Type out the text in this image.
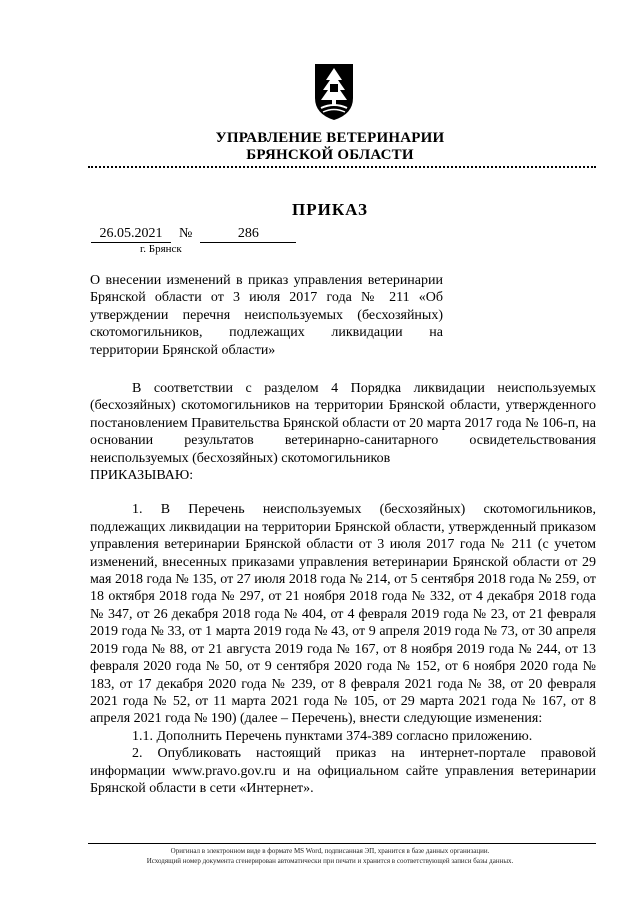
УПРАВЛЕНИЕ ВЕТЕРИНАРИИ
БРЯНСКОЙ ОБЛАСТИ
ПРИКАЗ
26.05.2021 №	286
г. Брянск
О внесении изменений в приказ управления ветеринарии Брянской области от 3 июля 2017 года № 211 «Об утверждении перечня неиспользуемых (бесхозяйных) скотомогильников, подлежащих ликвидации на территории Брянской области»

В соответствии с разделом 4 Порядка ликвидации неиспользуемых (бесхозяйных) скотомогильников на территории Брянской области, утвержденного постановлением Правительства Брянской области от 20 марта 2017 года № 106-п, на основании результатов ветеринарно-санитарного освидетельствования неиспользуемых (бесхозяйных) скотомогильников

ПРИКАЗЫВАЮ:

1. В Перечень неиспользуемых (бесхозяйных) скотомогильников, подлежащих ликвидации на территории Брянской области, утвержденный приказом управления ветеринарии Брянской области от 3 июля 2017 года № 211 (с учетом изменений, внесенных приказами управления ветеринарии Брянской области от 29 мая 2018 года № 135, от 27 июля 2018 года № 214, от 5 сентября 2018 года № 259, от 18 октября 2018 года № 297, от 21 ноября 2018 года № 332, от 4 декабря 2018 года № 347, от 26 декабря 2018 года № 404, от 4 февраля 2019 года № 23, от 21 февраля 2019 года № 33, от 1 марта 2019 года № 43, от 9 апреля 2019 года № 73, от 30 апреля 2019 года № 88, от 21 августа 2019 года № 167, от 8 ноября 2019 года № 244, от 13 февраля 2020 года № 50, от 9 сентября 2020 года № 152, от 6 ноября 2020 года № 183, от 17 декабря 2020 года № 239, от 8 февраля 2021 года № 38, от 20 февраля 2021 года № 52, от 11 марта 2021 года № 105, от 29 марта 2021 года № 167, от 8 апреля 2021 года № 190) (далее – Перечень), внести следующие изменения:

1.1. Дополнить Перечень пунктами 374-389 согласно приложению.

2. Опубликовать настоящий приказ на интернет-портале правовой информации www.pravo.gov.ru и на официальном сайте управления ветеринарии Брянской области в сети «Интернет».

Оригинал в электронном виде в формате MS Word, подписанная ЭП, хранится в базе данных организации.
Исходящий номер документа сгенерирован автоматически при печати и хранится в соответствующей записи базы данных.
